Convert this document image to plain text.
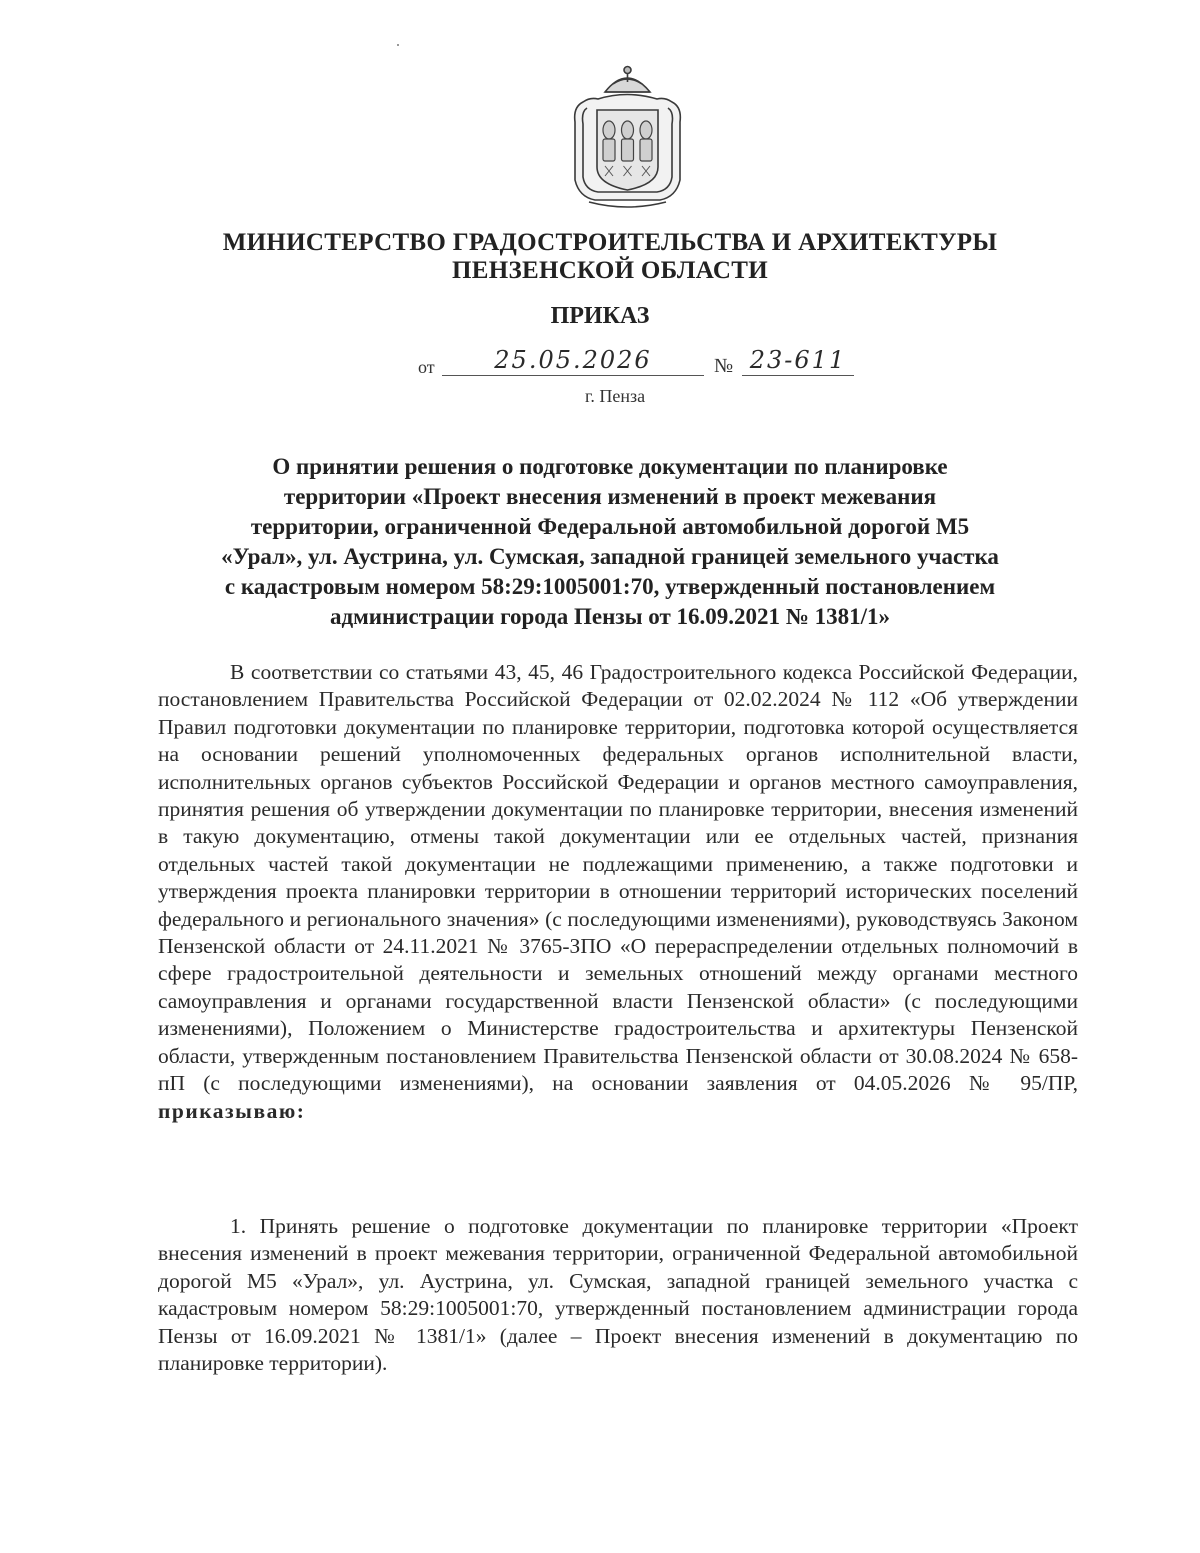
МИНИСТЕРСТВО ГРАДОСТРОИТЕЛЬСТВА И АРХИТЕКТУРЫ
ПЕНЗЕНСКОЙ ОБЛАСТИ
ПРИКАЗ
от	25.05.2026	№ 23-611
г. Пенза
О принятии решения о подготовке документации по планировке
территории «Проект внесения изменений в проект межевания
территории, ограниченной Федеральной автомобильной дорогой М5
«Урал», ул. Аустрина, ул. Сумская, западной границей земельного участка
с кадастровым номером 58:29:1005001:70, утвержденный постановлением
администрации города Пензы от 16.09.2021 № 1381/1»

В соответствии со статьями 43, 45, 46 Градостроительного кодекса Российской Федерации, постановлением Правительства Российской Федерации от 02.02.2024 № 112 «Об утверждении Правил подготовки документации по планировке территории, подготовка которой осуществляется на основании решений уполномоченных федеральных органов исполнительной власти, исполнительных органов субъектов Российской Федерации и органов местного самоуправления, принятия решения об утверждении документации по планировке территории, внесения изменений в такую документацию, отмены такой документации или ее отдельных частей, признания отдельных частей такой документации не подлежащими применению, а также подготовки и утверждения проекта планировки территории в отношении территорий исторических поселений федерального и регионального значения» (с последующими изменениями), руководствуясь Законом Пензенской области от 24.11.2021 № 3765-ЗПО «О перераспределении отдельных полномочий в сфере градостроительной деятельности и земельных отношений между органами местного самоуправления и органами государственной власти Пензенской области» (с последующими изменениями), Положением о Министерстве градостроительства и архитектуры Пензенской области, утвержденным постановлением Правительства Пензенской области от 30.08.2024 № 658-пП (с последующими изменениями), на основании заявления от 04.05.2026 № 95/ПР, приказываю:

1. Принять решение о подготовке документации по планировке территории «Проект внесения изменений в проект межевания территории, ограниченной Федеральной автомобильной дорогой М5 «Урал», ул. Аустрина, ул. Сумская, западной границей земельного участка с кадастровым номером 58:29:1005001:70, утвержденный постановлением администрации города Пензы от 16.09.2021 № 1381/1» (далее – Проект внесения изменений в документацию по планировке территории).
